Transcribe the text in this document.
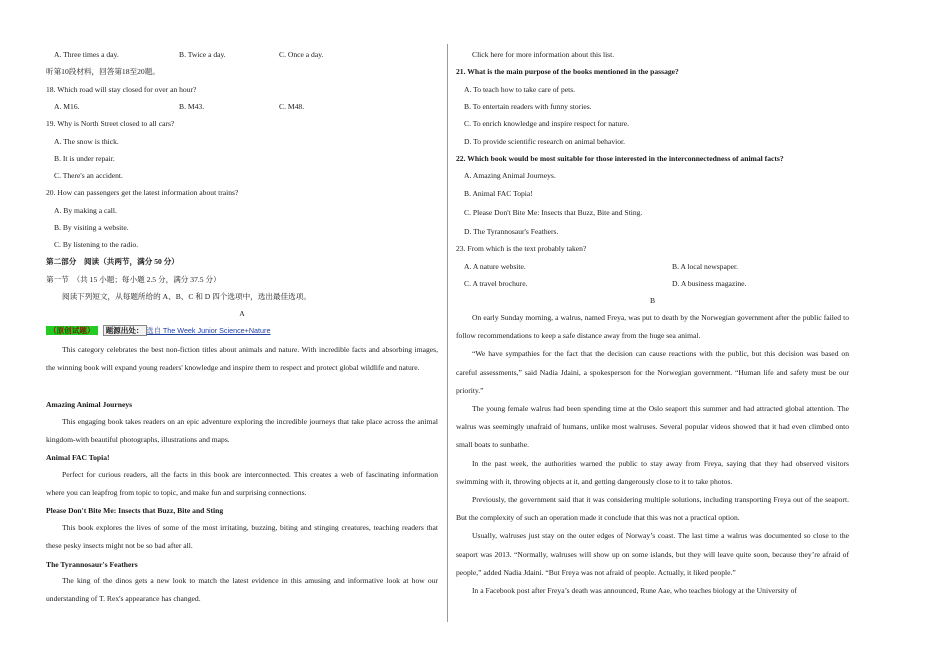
A. Three times a day.	B. Twice a day.	C. Once a day.
听第10段材料，回答第18至20题。
18. Which road will stay closed for over an hour?
A. M16.	B. M43.	C. M48.
19. Why is North Street closed to all cars?
A. The snow is thick.
B. It is under repair.
C. There's an accident.
20. How can passengers get the latest information about trains?
A. By making a call.
B. By visiting a website.
C. By listening to the radio.
第二部分　阅读（共两节，满分 50 分）
第一节　（共 15 小题；每小题 2.5 分，满分 37.5 分）
阅读下列短文，从每题所给的 A、B、C 和 D 四个选项中，选出最佳选项。
A
（原创试题） 题源出处： 选自 The Week Junior Science+Nature

This category celebrates the best non-fiction titles about animals and nature. With incredible facts and absorbing images, the winning book will expand young readers' knowledge and inspire them to respect and protect global wildlife and nature.

Amazing Animal Journeys

This engaging book takes readers on an epic adventure exploring the incredible journeys that take place across the animal kingdom-with beautiful photographs, illustrations and maps.

Animal FAC Topia!

Perfect for curious readers, all the facts in this book are interconnected. This creates a web of fascinating information where you can leapfrog from topic to topic, and make fun and surprising connections.

Please Don't Bite Me: Insects that Buzz, Bite and Sting

This book explores the lives of some of the most irritating, buzzing, biting and stinging creatures, teaching readers that these pesky insects might not be so bad after all.

The Tyrannosaur's Feathers

The king of the dinos gets a new look to match the latest evidence in this amusing and informative look at how our understanding of T. Rex's appearance has changed.

Click here for more information about this list.
21. What is the main purpose of the books mentioned in the passage?
A. To teach how to take care of pets.
B. To entertain readers with funny stories.
C. To enrich knowledge and inspire respect for nature.
D. To provide scientific research on animal behavior.
22. Which book would be most suitable for those interested in the interconnectedness of animal facts?
A. Amazing Animal Journeys.
B. Animal FAC Topia!
C. Please Don't Bite Me: Insects that Buzz, Bite and Sting.
D. The Tyrannosaur's Feathers.
23. From which is the text probably taken?
A. A nature website.	B. A local newspaper.
C. A travel brochure.	D. A business magazine.
B

On early Sunday morning, a walrus, named Freya, was put to death by the Norwegian government after the public failed to follow recommendations to keep a safe distance away from the huge sea animal.

“We have sympathies for the fact that the decision can cause reactions with the public, but this decision was based on careful assessments,” said Nadia Jdaini, a spokesperson for the Norwegian government. “Human life and safety must be our priority.”

The young female walrus had been spending time at the Oslo seaport this summer and had attracted global attention. The walrus was seemingly unafraid of humans, unlike most walruses. Several popular videos showed that it had even climbed onto small boats to sunbathe.

In the past week, the authorities warned the public to stay away from Freya, saying that they had observed visitors swimming with it, throwing objects at it, and getting dangerously close to it to take photos.

Previously, the government said that it was considering multiple solutions, including transporting Freya out of the seaport. But the complexity of such an operation made it conclude that this was not a practical option.

Usually, walruses just stay on the outer edges of Norway’s coast. The last time a walrus was documented so close to the seaport was 2013. “Normally, walruses will show up on some islands, but they will leave quite soon, because they’re afraid of people,” added Nadia Jdaini. “But Freya was not afraid of people. Actually, it liked people.”

In a Facebook post after Freya’s death was announced, Rune Aae, who teaches biology at the University of
